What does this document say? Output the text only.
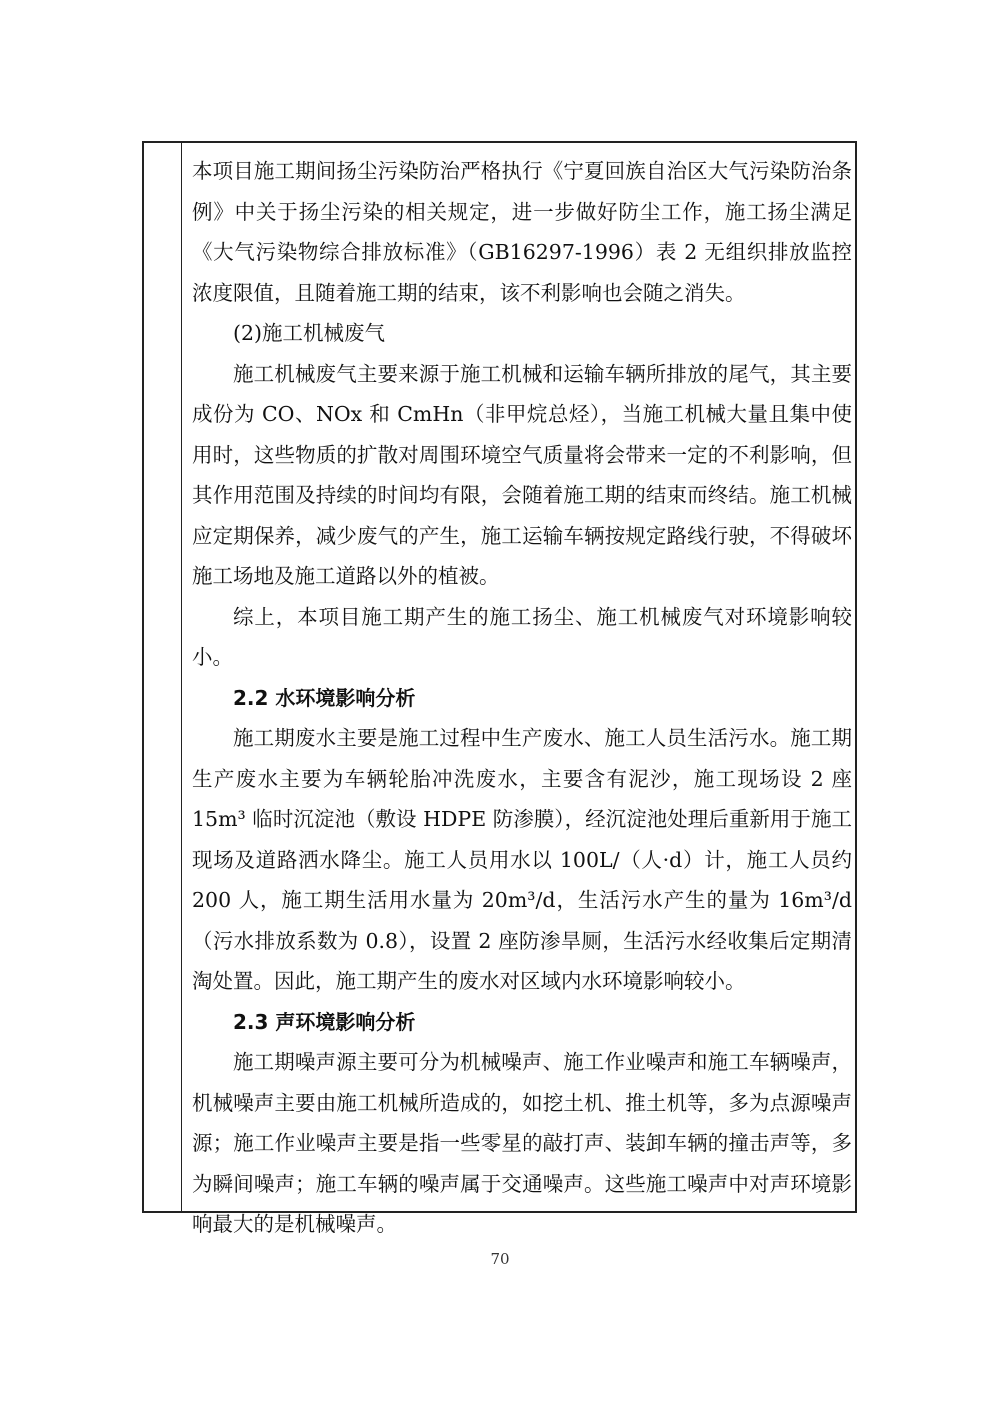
本项目施工期间扬尘污染防治严格执行《宁夏回族自治区大气污染防治条例》中关于扬尘污染的相关规定，进一步做好防尘工作，施工扬尘满足《大气污染物综合排放标准》（GB16297-1996）表 2 无组织排放监控浓度限值，且随着施工期的结束，该不利影响也会随之消失。

(2)施工机械废气

施工机械废气主要来源于施工机械和运输车辆所排放的尾气，其主要成份为 CO、NOx 和 CmHn（非甲烷总烃），当施工机械大量且集中使用时，这些物质的扩散对周围环境空气质量将会带来一定的不利影响，但其作用范围及持续的时间均有限，会随着施工期的结束而终结。施工机械应定期保养，减少废气的产生，施工运输车辆按规定路线行驶，不得破坏施工场地及施工道路以外的植被。

综上，本项目施工期产生的施工扬尘、施工机械废气对环境影响较小。

2.2 水环境影响分析

施工期废水主要是施工过程中生产废水、施工人员生活污水。施工期生产废水主要为车辆轮胎冲洗废水，主要含有泥沙，施工现场设 2 座 15m³ 临时沉淀池（敷设 HDPE 防渗膜），经沉淀池处理后重新用于施工现场及道路洒水降尘。施工人员用水以 100L/（人·d）计，施工人员约 200 人，施工期生活用水量为 20m³/d，生活污水产生的量为 16m³/d（污水排放系数为 0.8），设置 2 座防渗旱厕，生活污水经收集后定期清淘处置。因此，施工期产生的废水对区域内水环境影响较小。

2.3 声环境影响分析

施工期噪声源主要可分为机械噪声、施工作业噪声和施工车辆噪声，机械噪声主要由施工机械所造成的，如挖土机、推土机等，多为点源噪声源；施工作业噪声主要是指一些零星的敲打声、装卸车辆的撞击声等，多为瞬间噪声；施工车辆的噪声属于交通噪声。这些施工噪声中对声环境影响最大的是机械噪声。

70
